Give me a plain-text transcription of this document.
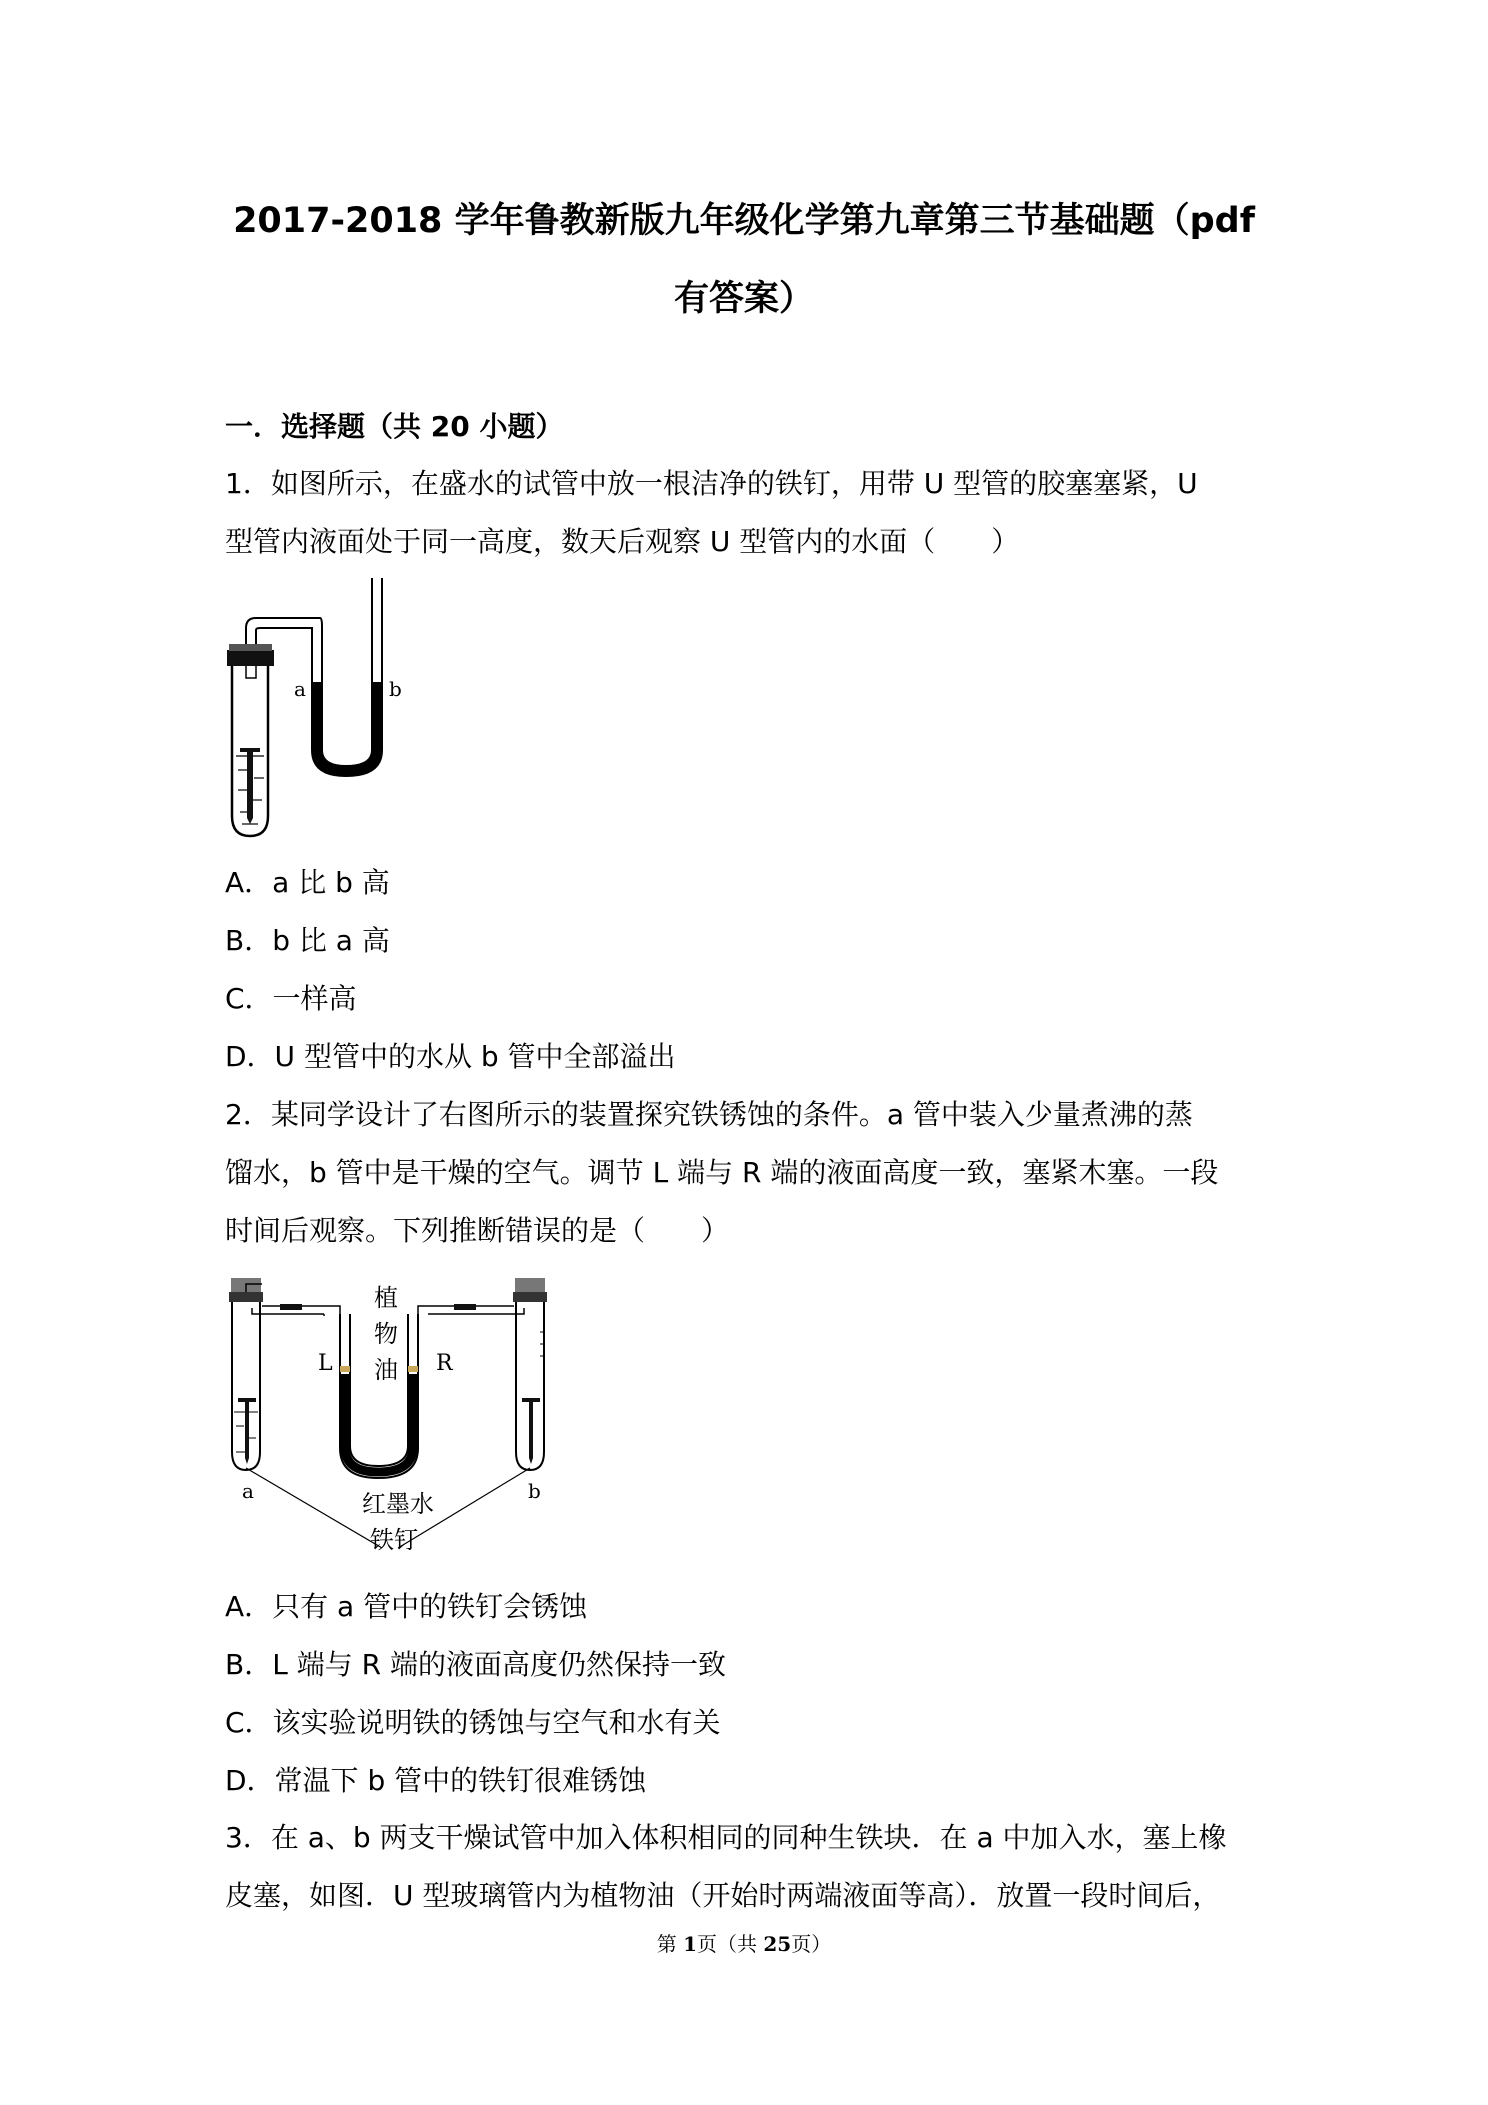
2017-2018 学年鲁教新版九年级化学第九章第三节基础题（pdf
有答案）
一．选择题（共 20 小题）
1．如图所示，在盛水的试管中放一根洁净的铁钉，用带 U 型管的胶塞塞紧，U
型管内液面处于同一高度，数天后观察 U 型管内的水面（　　）
a	b
A．a 比 b 高
B．b 比 a 高
C．一样高
D．U 型管中的水从 b 管中全部溢出
2．某同学设计了右图所示的装置探究铁锈蚀的条件。a 管中装入少量煮沸的蒸
馏水，b 管中是干燥的空气。调节 L 端与 R 端的液面高度一致，塞紧木塞。一段
时间后观察。下列推断错误的是（　　）
植
物
油
L	R
a	b
红墨水
铁钉
A．只有 a 管中的铁钉会锈蚀
B．L 端与 R 端的液面高度仍然保持一致
C．该实验说明铁的锈蚀与空气和水有关
D．常温下 b 管中的铁钉很难锈蚀
3．在 a、b 两支干燥试管中加入体积相同的同种生铁块．在 a 中加入水，塞上橡
皮塞，如图．U 型玻璃管内为植物油（开始时两端液面等高）．放置一段时间后，
第 1页（共 25页）
